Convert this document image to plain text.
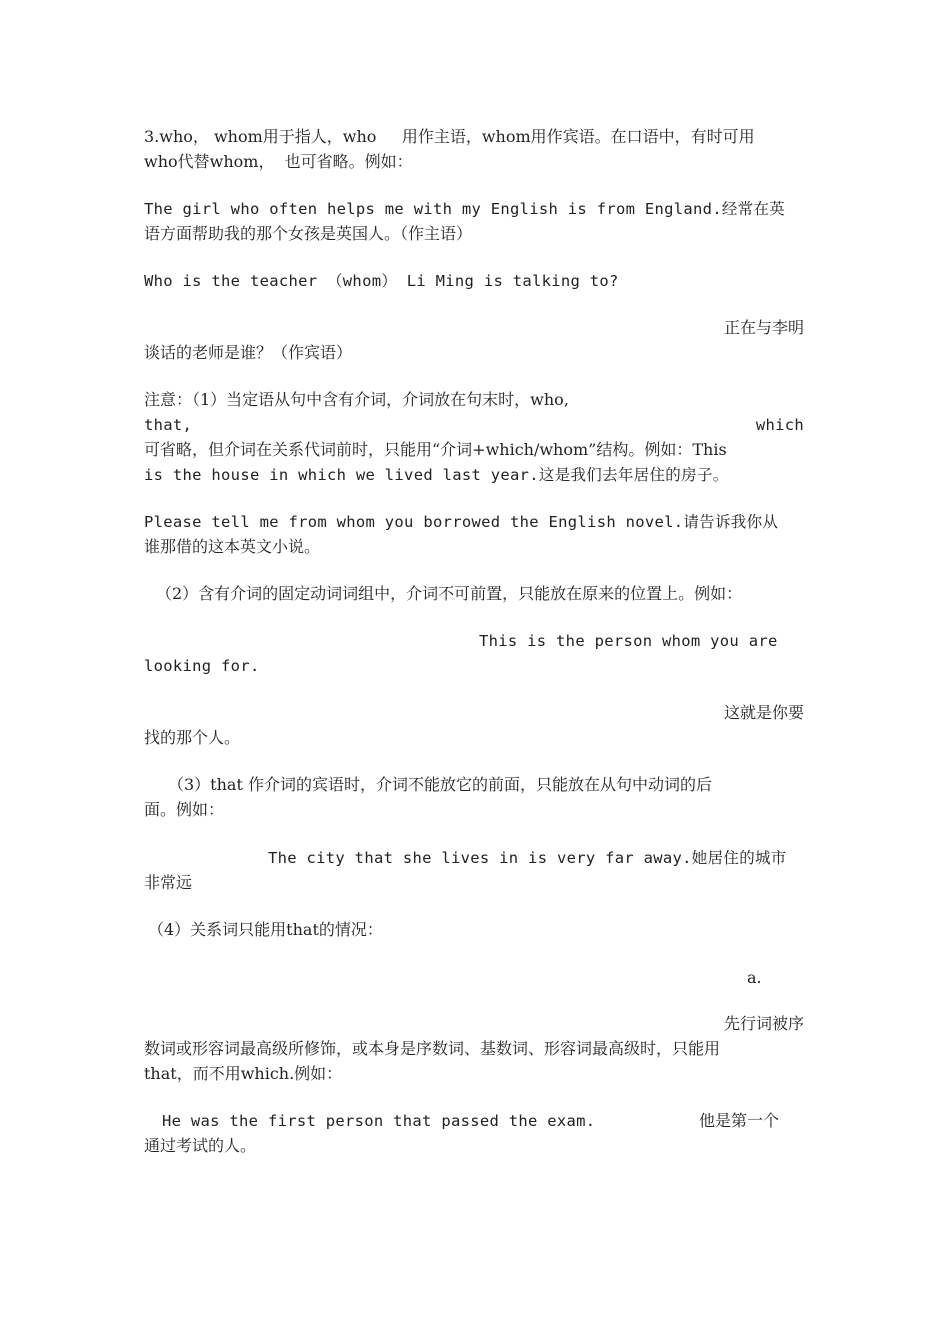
3.who， whom用于指人，who     用作主语，whom用作宾语。在口语中，有时可用
who代替whom，  也可省略。例如：
The girl who often helps me with my English is from England.经常在英
语方面帮助我的那个女孩是英国人。（作主语）
Who is the teacher （whom） Li Ming is talking to?
正在与李明
谈话的老师是谁？（作宾语）
注意：（1）当定语从句中含有介词，介词放在句末时，who,
that,	which
可省略，但介词在关系代词前时，只能用“介词+which/whom”结构。例如：This
is the house in which we lived last year.这是我们去年居住的房子。
Please tell me from whom you borrowed the English novel.请告诉我你从
谁那借的这本英文小说。
（2）含有介词的固定动词词组中，介词不可前置，只能放在原来的位置上。例如：
This is the person whom you are
looking for.
这就是你要
找的那个人。
（3）that 作介词的宾语时，介词不能放它的前面，只能放在从句中动词的后
面。例如：
The city that she lives in is very far away.她居住的城市
非常远
（4）关系词只能用that的情况：
a.
先行词被序
数词或形容词最高级所修饰，或本身是序数词、基数词、形容词最高级时，只能用
that，而不用which.例如：
He was the first person that passed the exam.	他是第一个
通过考试的人。
